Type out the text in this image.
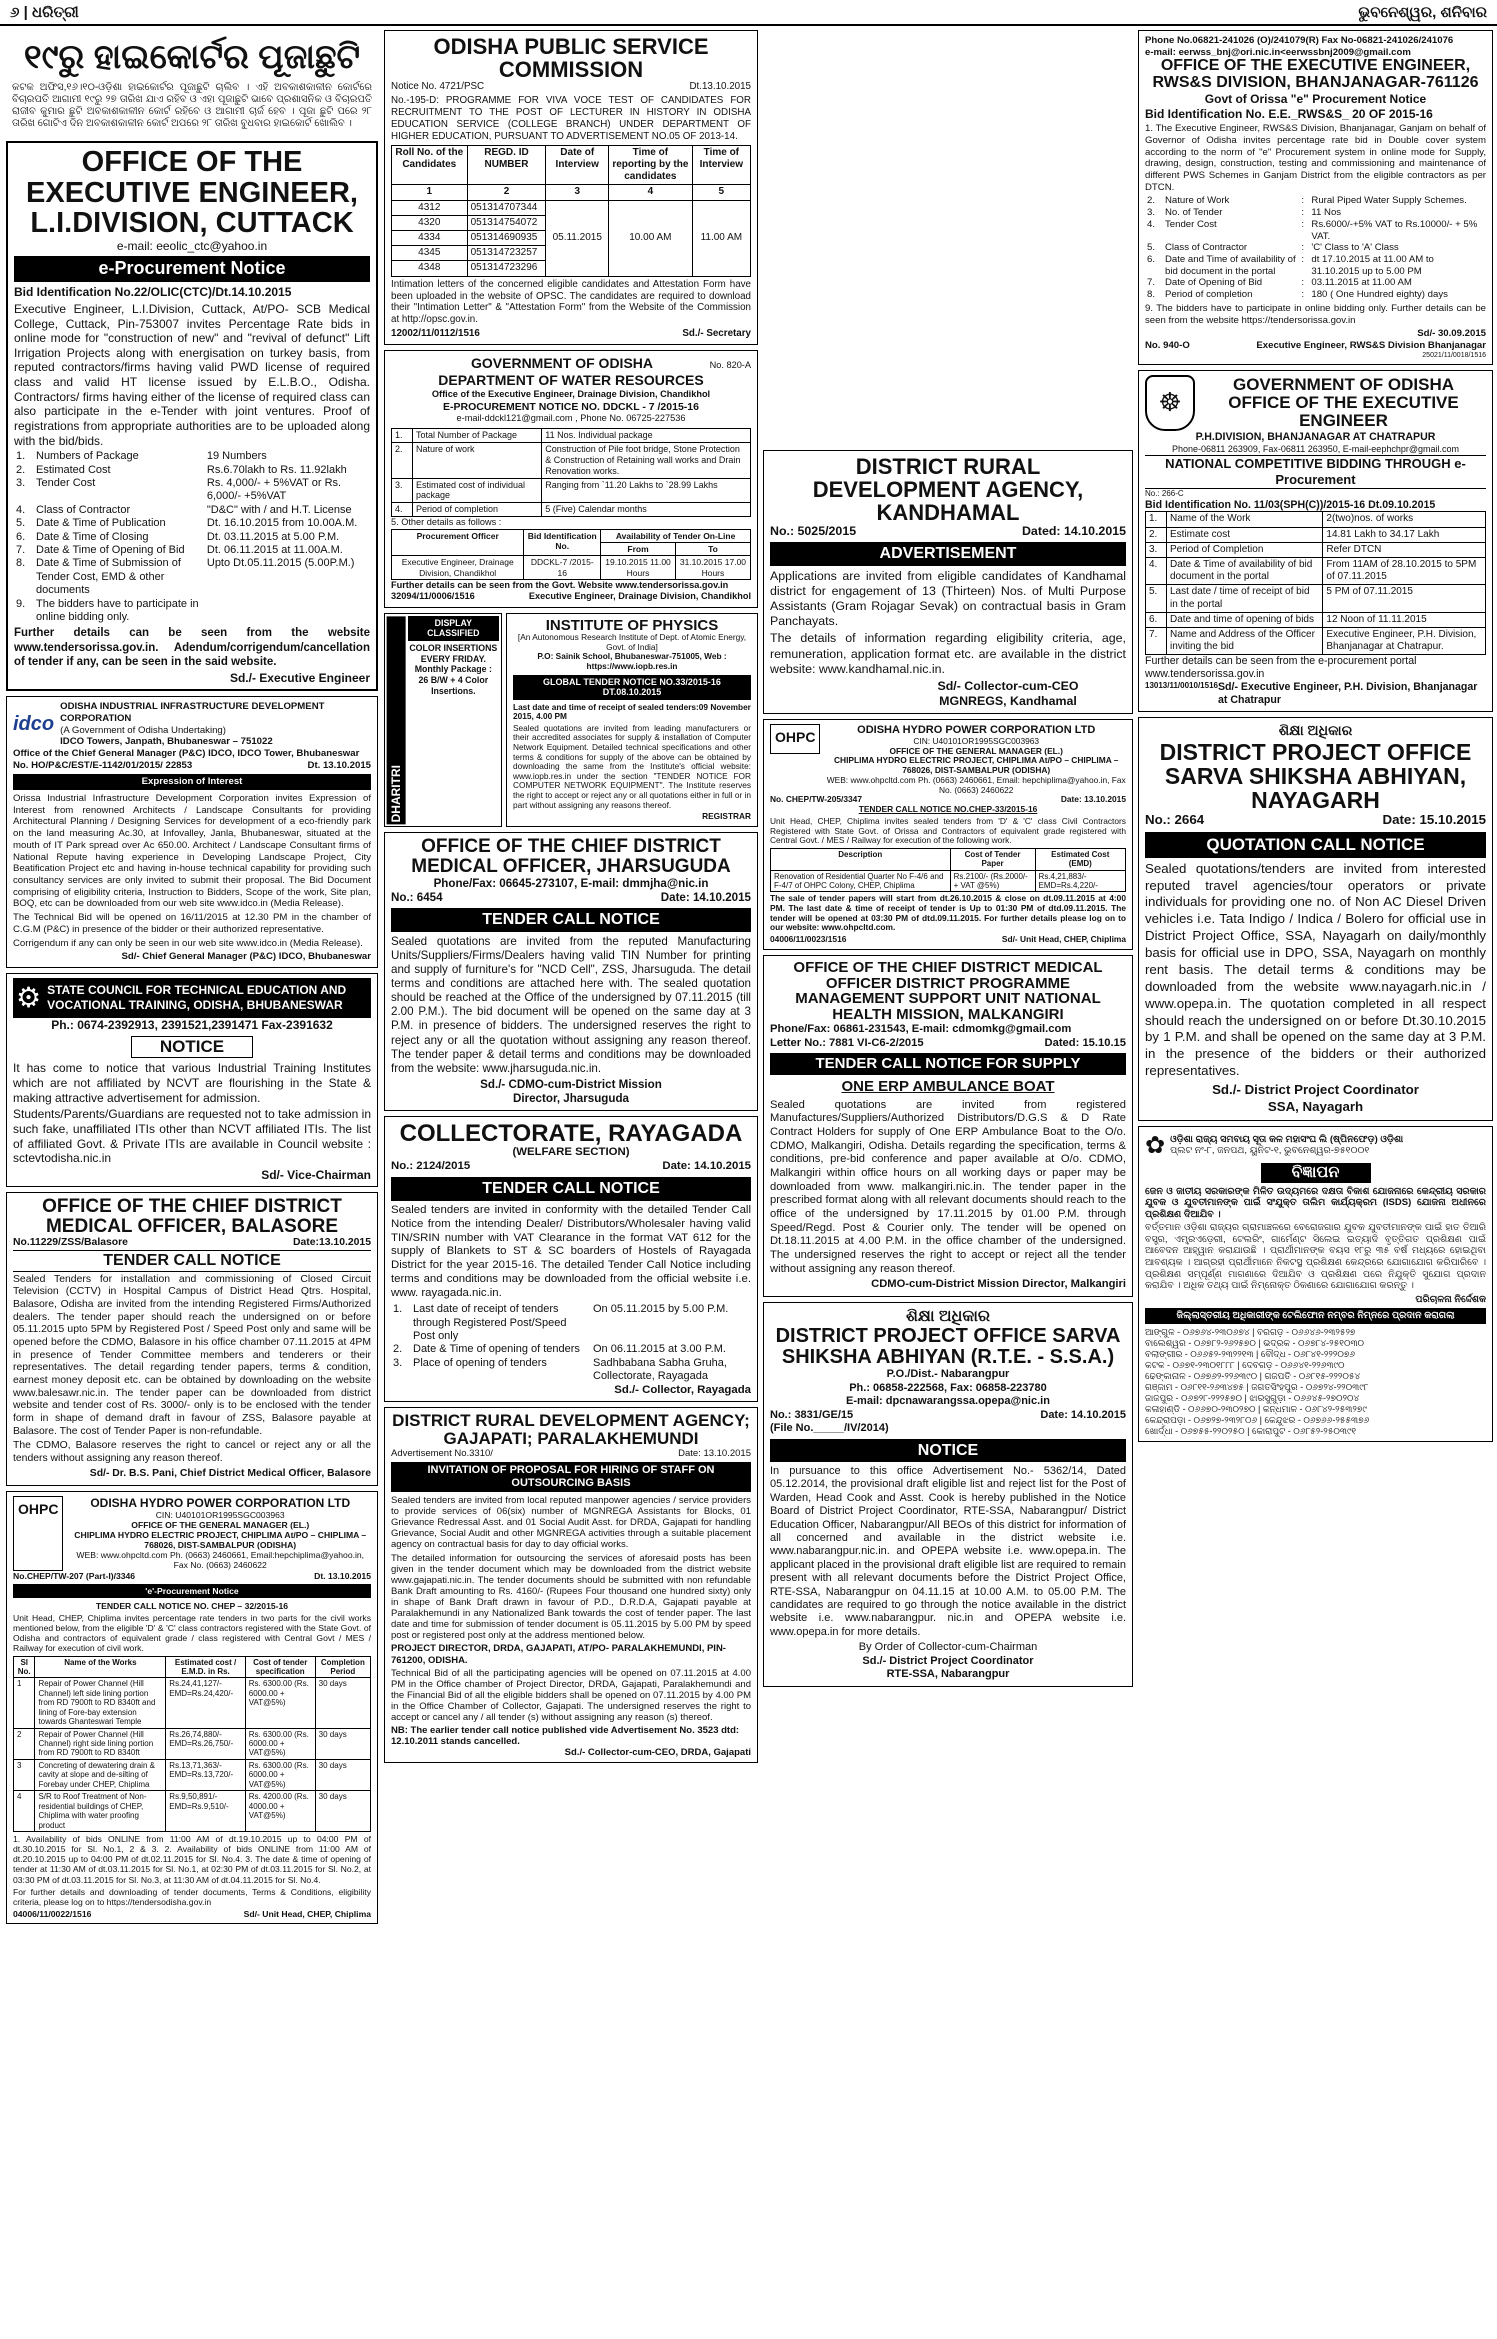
୬ | ଧରିତ୍ରୀ	ଭୁବନେଶ୍ୱର, ଶନିବାର
୧୯ରୁ ହାଇକୋର୍ଟର ପୂଜାଛୁଟି

କଟକ ଅଫିସ,୧୬।୧୦-ଓଡ଼ିଶା ହାଇକୋର୍ଟର ପୂଜାଛୁଟି ଚାଲିବ । ଏହି ଅବକାଶକାଳୀନ କୋର୍ଟରେ ବିଚାରପତି ଆଗାମୀ ୧୯ରୁ ୨୭ ତାରିଖ ଯାଏ ରହିବ ଓ ଏହା ପୂଜାଛୁଟି ଭାବେ ପ୍ରଶାସନିକ ଓ ବିଚାରପତି ରାଜୀବ କୁମାର ଛୁଟି ଅବକାଶକାଳୀନ କୋର୍ଟ ରହିବେ ଓ ଆଗାମୀ ଚାର୍ଜ ହେବ । ପୂଜା ଛୁଟି ପରେ ୨୮ ତାରିଖ ଗୋଟିଏ ଦିନ ଅବକାଶକାଳୀନ କୋର୍ଟ ଅପରେ ୨୮ ତାରିଖ ବୁଧବାର ହାଇକୋର୍ଟ ଖୋଲିବ ।

OFFICE OF THE EXECUTIVE ENGINEER, L.I.DIVISION, CUTTACK
e-mail: eeolic_ctc@yahoo.in
e-Procurement Notice
Bid Identification No.22/OLIC(CTC)/Dt.14.10.2015

Executive Engineer, L.I.Division, Cuttack, At/PO- SCB Medical College, Cuttack, Pin-753007 invites Percentage Rate bids in online mode for "construction of new" and "revival of defunct" Lift Irrigation Projects along with energisation on turkey basis, from reputed contractors/firms having valid PWD license of required class and valid HT license issued by E.L.B.O., Odisha. Contractors/ firms having either of the license of required class can also participate in the e-Tender with joint ventures. Proof of registrations from appropriate authorities are to be uploaded along with the bid/bids.

1.	Numbers of Package	19 Numbers
2.	Estimated Cost	Rs.6.70lakh to Rs. 11.92lakh
3.	Tender Cost	Rs. 4,000/- + 5%VAT or Rs. 6,000/- +5%VAT
4.	Class of Contractor	"D&C" with / and H.T. License
5.	Date & Time of Publication	Dt. 16.10.2015 from 10.00A.M.
6.	Date & Time of Closing	Dt. 03.11.2015 at 5.00 P.M.
7.	Date & Time of Opening of Bid	Dt. 06.11.2015 at 11.00A.M.
8.	Date & Time of Submission of Tender Cost, EMD & other documents	Upto Dt.05.11.2015 (5.00P.M.)
9.	The bidders have to participate in online bidding only.	

Further details can be seen from the website www.tendersorissa.gov.in. Adendum/corrigendum/cancellation of tender if any, can be seen in the said website.

Sd./- Executive Engineer
idco
ODISHA INDUSTRIAL INFRASTRUCTURE DEVELOPMENT CORPORATION
(A Government of Odisha Undertaking)
IDCO Towers, Janpath, Bhubaneswar – 751022
Office of the Chief General Manager (P&C) IDCO, IDCO Tower, Bhubaneswar
No. HO/P&C/EST/E-1142/01/2015/ 22853	Dt. 13.10.2015
Expression of Interest

Orissa Industrial Infrastructure Development Corporation invites Expression of Interest from renowned Architects / Landscape Consultants for providing Architectural Planning / Designing Services for development of a eco-friendly park on the land measuring Ac.30, at Infovalley, Janla, Bhubaneswar, situated at the mouth of IT Park spread over Ac 650.00. Architect / Landscape Consultant firms of National Repute having experience in Developing Landscape Project, City Beatification Project etc and having in-house technical capability for providing such consultancy services are only invited to submit their proposal. The Bid Document comprising of eligibility criteria, Instruction to Bidders, Scope of the work, Site plan, BOQ, etc can be downloaded from our web site www.idco.in (Media Release).

The Technical Bid will be opened on 16/11/2015 at 12.30 PM in the chamber of C.G.M (P&C) in presence of the bidder or their authorized representative.

Corrigendum if any can only be seen in our web site www.idco.in (Media Release).

Sd/- Chief General Manager (P&C) IDCO, Bhubaneswar
⚙ STATE COUNCIL FOR TECHNICAL EDUCATION AND VOCATIONAL TRAINING, ODISHA, BHUBANESWAR
Ph.: 0674-2392913, 2391521,2391471 Fax-2391632
NOTICE

It has come to notice that various Industrial Training Institutes which are not affiliated by NCVT are flourishing in the State & making attractive advertisement for admission.

Students/Parents/Guardians are requested not to take admission in such fake, unaffiliated ITIs other than NCVT affiliated ITIs. The list of affiliated Govt. & Private ITIs are available in Council website : sctevtodisha.nic.in

Sd/- Vice-Chairman
OFFICE OF THE CHIEF DISTRICT MEDICAL OFFICER, BALASORE
No.11229/ZSS/Balasore	Date:13.10.2015
TENDER CALL NOTICE

Sealed Tenders for installation and commissioning of Closed Circuit Television (CCTV) in Hospital Campus of District Head Qtrs. Hospital, Balasore, Odisha are invited from the intending Registered Firms/Authorized dealers. The tender paper should reach the undersigned on or before 05.11.2015 upto 5PM by Registered Post / Speed Post only and same will be opened before the CDMO, Balasore in his office chamber 07.11.2015 at 4PM in presence of Tender Committee members and tenderers or their representatives. The detail regarding tender papers, terms & condition, earnest money deposit etc. can be obtained by downloading on the website www.balesawr.nic.in. The tender paper can be downloaded from district website and tender cost of Rs. 3000/- only is to be enclosed with the tender form in shape of demand draft in favour of ZSS, Balasore payable at Balasore. The cost of Tender Paper is non-refundable.

The CDMO, Balasore reserves the right to cancel or reject any or all the tenders without assigning any reason thereof.

Sd/- Dr. B.S. Pani, Chief District Medical Officer, Balasore
OHPC	ODISHA HYDRO POWER CORPORATION LTD
CIN: U40101OR1995SGC003963
OFFICE OF THE GENERAL MANAGER (EL.)
CHIPLIMA HYDRO ELECTRIC PROJECT, CHIPLIMA At/PO – CHIPLIMA – 768026, DIST-SAMBALPUR (ODISHA)
WEB: www.ohpcltd.com Ph. (0663) 2460661, Email:hepchiplima@yahoo.in, Fax No. (0663) 2460622
No.CHEP/TW-207 (Part-I)/3346	Dt. 13.10.2015
'e'-Procurement Notice
TENDER CALL NOTICE NO. CHEP – 32/2015-16

Unit Head, CHEP, Chiplima invites percentage rate tenders in two parts for the civil works mentioned below, from the eligible 'D' & 'C' class contractors registered with the State Govt. of Odisha and contractors of equivalent grade / class registered with Central Govt / MES / Railway for execution of civil work.

Sl No.	Name of the Works	Estimated cost / E.M.D. in Rs.	Cost of tender specification	Completion Period
1	Repair of Power Channel (Hill Channel) left side lining portion from RD 7900ft to RD 8340ft and lining of Fore-bay extension towards Ghanteswari Temple	Rs.24,41,127/- EMD=Rs.24,420/-	Rs. 6300.00 (Rs. 6000.00 + VAT@5%)	30 days
2	Repair of Power Channel (Hill Channel) right side lining portion from RD 7900ft to RD 8340ft	Rs.26,74,880/- EMD=Rs.26,750/-	Rs. 6300.00 (Rs. 6000.00 + VAT@5%)	30 days
3	Concreting of dewatering drain & cavity at slope and de-silting of Forebay under CHEP, Chiplima	Rs.13,71,363/- EMD=Rs.13,720/-	Rs. 6300.00 (Rs. 6000.00 + VAT@5%)	30 days
4	S/R to Roof Treatment of Non-residential buildings of CHEP, Chiplima with water proofing product	Rs.9,50,891/- EMD=Rs.9,510/-	Rs. 4200.00 (Rs. 4000.00 + VAT@5%)	30 days

1. Availability of bids ONLINE from 11:00 AM of dt.19.10.2015 up to 04:00 PM of dt.30.10.2015 for Sl. No.1, 2 & 3. 2. Availability of bids ONLINE from 11:00 AM of dt.20.10.2015 up to 04:00 PM of dt.02.11.2015 for Sl. No.4. 3. The date & time of opening of tender at 11:30 AM of dt.03.11.2015 for Sl. No.1, at 02:30 PM of dt.03.11.2015 for Sl. No.2, at 03:30 PM of dt.03.11.2015 for Sl. No.3, at 11:30 AM of dt.04.11.2015 for Sl. No.4.

For further details and downloading of tender documents, Terms & Conditions, eligibility criteria, please log on to https://tendersodisha.gov.in

04006/11/0022/1516	Sd/- Unit Head, CHEP, Chiplima
ODISHA PUBLIC SERVICE COMMISSION
Notice No. 4721/PSC	Dt.13.10.2015

No.-195-D: PROGRAMME FOR VIVA VOCE TEST OF CANDIDATES FOR RECRUITMENT TO THE POST OF LECTURER IN HISTORY IN ODISHA EDUCATION SERVICE (COLLEGE BRANCH) UNDER DEPARTMENT OF HIGHER EDUCATION, PURSUANT TO ADVERTISEMENT NO.05 OF 2013-14.

Roll No. of the Candidates	REGD. ID NUMBER	Date of Interview	Time of reporting by the candidates	Time of Interview
1	2	3	4	5
4312	051314707344	05.11.2015	10.00 AM	11.00 AM
4320	051314754072			
4334	051314690935			
4345	051314723257			
4348	051314723296			

Intimation letters of the concerned eligible candidates and Attestation Form have been uploaded in the website of OPSC. The candidates are required to download their "Intimation Letter" & "Attestation Form" from the Website of the Commission at http://opsc.gov.in.

12002/11/0112/1516	Sd./- Secretary
GOVERNMENT OF ODISHA	No. 820-A
DEPARTMENT OF WATER RESOURCES
Office of the Executive Engineer, Drainage Division, Chandikhol
E-PROCUREMENT NOTICE NO. DDCKL - 7 /2015-16
e-mail-ddckl121@gmail.com , Phone No. 06725-227536
1.	Total Number of Package	11 Nos. Individual package
2.	Nature of work	Construction of Pile foot bridge, Stone Protection & Construction of Retaining wall works and Drain Renovation works.
3.	Estimated cost of individual package	Ranging from `11.20 Lakhs to `28.99 Lakhs
4.	Period of completion	5 (Five) Calendar months
5. Other details as follows :
Procurement Officer	Bid Identification No.	Availability of Tender On-Line	
		From	To
Executive Engineer, Drainage Division, Chandikhol	DDCKL-7 /2015-16	19.10.2015 11.00 Hours	31.10.2015 17.00 Hours
Further details can be seen from the Govt. Website www.tendersorissa.gov.in
32094/11/0006/1516	Executive Engineer, Drainage Division, Chandikhol
DHARITRI
DISPLAY CLASSIFIED
COLOR INSERTIONS
EVERY FRIDAY.
Monthly Package :
26 B/W + 4 Color Insertions.
INSTITUTE OF PHYSICS
[An Autonomous Research Institute of Dept. of Atomic Energy, Govt. of India]
P.O: Sainik School, Bhubaneswar-751005, Web : https://www.iopb.res.in
GLOBAL TENDER NOTICE NO.33/2015-16 DT.08.10.2015
Last date and time of receipt of sealed tenders:09 November 2015, 4.00 PM

Sealed quotations are invited from leading manufacturers or their accredited associates for supply & installation of Computer Network Equipment. Detailed technical specifications and other terms & conditions for supply of the above can be obtained by downloading the same from the Institute's official website: www.iopb.res.in under the section "TENDER NOTICE FOR COMPUTER NETWORK EQUIPMENT". The Institute reserves the right to accept or reject any or all quotations either in full or in part without assigning any reasons thereof.

REGISTRAR
OFFICE OF THE CHIEF DISTRICT MEDICAL OFFICER, JHARSUGUDA
Phone/Fax: 06645-273107, E-mail: dmmjha@nic.in
No.: 6454	Date: 14.10.2015
TENDER CALL NOTICE

Sealed quotations are invited from the reputed Manufacturing Units/Suppliers/Firms/Dealers having valid TIN Number for printing and supply of furniture's for "NCD Cell", ZSS, Jharsuguda. The detail terms and conditions are attached here with. The sealed quotation should be reached at the Office of the undersigned by 07.11.2015 (till 2.00 P.M.). The bid document will be opened on the same day at 3 P.M. in presence of bidders. The undersigned reserves the right to reject any or all the quotation without assigning any reason thereof. The tender paper & detail terms and conditions may be downloaded from the website: www.jharsuguda.nic.in.

Sd./- CDMO-cum-District Mission
Director, Jharsuguda
COLLECTORATE, RAYAGADA
(WELFARE SECTION)
No.: 2124/2015	Date: 14.10.2015
TENDER CALL NOTICE

Sealed tenders are invited in conformity with the detailed Tender Call Notice from the intending Dealer/ Distributors/Wholesaler having valid TIN/SRIN number with VAT Clearance in the format VAT 612 for the supply of Blankets to ST & SC boarders of Hostels of Rayagada District for the year 2015-16. The detailed Tender Call Notice including terms and conditions may be downloaded from the official website i.e. www. rayagada.nic.in.

1.	Last date of receipt of tenders through Registered Post/Speed Post only	On 05.11.2015 by 5.00 P.M.
2.	Date & Time of opening of tenders	On 06.11.2015 at 3.00 P.M.
3.	Place of opening of tenders	Sadhbabana Sabha Gruha, Collectorate, Rayagada
Sd./- Collector, Rayagada
DISTRICT RURAL DEVELOPMENT AGENCY; GAJAPATI; PARALAKHEMUNDI
Advertisement No.3310/	Date: 13.10.2015
INVITATION OF PROPOSAL FOR HIRING OF STAFF ON OUTSOURCING BASIS

Sealed tenders are invited from local reputed manpower agencies / service providers to provide services of 06(six) number of MGNREGA Assistants for Blocks, 01 Grievance Redressal Asst. and 01 Social Audit Asst. for DRDA, Gajapati for handling Grievance, Social Audit and other MGNREGA activities through a suitable placement agency on contractual basis for day to day official works.

The detailed information for outsourcing the services of aforesaid posts has been given in the tender document which may be downloaded from the district website www.gajapati.nic.in. The tender documents should be submitted with non refundable Bank Draft amounting to Rs. 4160/- (Rupees Four thousand one hundred sixty) only in shape of Bank Draft drawn in favour of P.D., D.R.D.A, Gajapati payable at Paralakhemundi in any Nationalized Bank towards the cost of tender paper. The last date and time for submission of tender document is 05.11.2015 by 5.00 PM by speed post or registered post only at the address mentioned below.

PROJECT DIRECTOR, DRDA, GAJAPATI, AT/PO- PARALAKHEMUNDI, PIN- 761200, ODISHA.

Technical Bid of all the participating agencies will be opened on 07.11.2015 at 4.00 PM in the Office chamber of Project Director, DRDA, Gajapati, Paralakhemundi and the Financial Bid of all the eligible bidders shall be opened on 07.11.2015 by 4.00 PM in the Office Chamber of Collector, Gajapati. The undersigned reserves the right to accept or cancel any / all tender (s) without assigning any reason (s) thereof.

NB: The earlier tender call notice published vide Advertisement No. 3523 dtd: 12.10.2011 stands cancelled.
Sd./- Collector-cum-CEO, DRDA, Gajapati
DISTRICT RURAL DEVELOPMENT AGENCY, KANDHAMAL
No.: 5025/2015	Dated: 14.10.2015
ADVERTISEMENT

Applications are invited from eligible candidates of Kandhamal district for engagement of 13 (Thirteen) Nos. of Multi Purpose Assistants (Gram Rojagar Sevak) on contractual basis in Gram Panchayats.

The details of information regarding eligibility criteria, age, remuneration, application format etc. are available in the district website: www.kandhamal.nic.in.

Sd/- Collector-cum-CEO
MGNREGS, Kandhamal
OHPC	ODISHA HYDRO POWER CORPORATION LTD
CIN: U40101OR1995SGC003963
OFFICE OF THE GENERAL MANAGER (EL.)
CHIPLIMA HYDRO ELECTRIC PROJECT, CHIPLIMA At/PO – CHIPLIMA – 768026, DIST-SAMBALPUR (ODISHA)
WEB: www.ohpcltd.com Ph. (0663) 2460661, Email: hepchiplima@yahoo.in, Fax No. (0663) 2460622
No. CHEP/TW-205/3347	Date: 13.10.2015
TENDER CALL NOTICE NO.CHEP-33/2015-16

Unit Head, CHEP, Chiplima invites sealed tenders from 'D' & 'C' class Civil Contractors Registered with State Govt. of Orissa and Contractors of equivalent grade registered with Central Govt. / MES / Railway for execution of the following work.

Description	Cost of Tender Paper	Estimated Cost (EMD)
Renovation of Residential Quarter No F-4/6 and F-4/7 of OHPC Colony, CHEP, Chiplima	Rs.2100/- (Rs.2000/- + VAT @5%)	Rs.4,21,883/- EMD=Rs.4,220/-

The sale of tender papers will start from dt.26.10.2015 & close on dt.09.11.2015 at 4:00 PM. The last date & time of receipt of tender is Up to 01:30 PM of dtd.09.11.2015. The tender will be opened at 03:30 PM of dtd.09.11.2015. For further details please log on to our website: www.ohpcltd.com.

04006/11/0023/1516	Sd/- Unit Head, CHEP, Chiplima
OFFICE OF THE CHIEF DISTRICT MEDICAL OFFICER DISTRICT PROGRAMME MANAGEMENT SUPPORT UNIT NATIONAL HEALTH MISSION, MALKANGIRI
Phone/Fax: 06861-231543, E-mail: cdmomkg@gmail.com
Letter No.: 7881 VI-C6-2/2015	Dated: 15.10.15
TENDER CALL NOTICE FOR SUPPLY
ONE ERP AMBULANCE BOAT

Sealed quotations are invited from registered Manufactures/Suppliers/Authorized Distributors/D.G.S & D Rate Contract Holders for supply of One ERP Ambulance Boat to the O/o. CDMO, Malkangiri, Odisha. Details regarding the specification, terms & conditions, pre-bid conference and paper available at O/o. CDMO, Malkangiri within office hours on all working days or paper may be downloaded from www. malkangiri.nic.in. The tender paper in the prescribed format along with all relevant documents should reach to the office of the undersigned by 17.11.2015 by 01.00 P.M. through Speed/Regd. Post & Courier only. The tender will be opened on Dt.18.11.2015 at 4.00 P.M. in the office chamber of the undersigned. The undersigned reserves the right to accept or reject all the tender without assigning any reason thereof.

CDMO-cum-District Mission Director, Malkangiri
ଶିକ୍ଷା ଅଧିକାର
DISTRICT PROJECT OFFICE SARVA SHIKSHA ABHIYAN (R.T.E. - S.S.A.)
P.O./Dist.- Nabarangpur
Ph.: 06858-222568, Fax: 06858-223780
E-mail: dpcnawarangssa.opepa@nic.in
No.: 3831/GE/15	Date: 14.10.2015
(File No._____/IV/2014)
NOTICE

In pursuance to this office Advertisement No.- 5362/14, Dated 05.12.2014, the provisional draft eligible list and reject list for the Post of Warden, Head Cook and Asst. Cook is hereby published in the Notice Board of District Project Coordinator, RTE-SSA, Nabarangpur/ District Education Officer, Nabarangpur/All BEOs of this district for information of all concerned and available in the district website i.e. www.nabarangpur.nic.in. and OPEPA website i.e. www.opepa.in. The applicant placed in the provisional draft eligible list are required to remain present with all relevant documents before the District Project Office, RTE-SSA, Nabarangpur on 04.11.15 at 10.00 A.M. to 05.00 P.M. The candidates are required to go through the notice available in the district website i.e. www.nabarangpur. nic.in and OPEPA website i.e. www.opepa.in for more details.

By Order of Collector-cum-Chairman
Sd./- District Project Coordinator
RTE-SSA, Nabarangpur
Phone No.06821-241026 (O)/241079(R) Fax No-06821-241026/241076
e-mail: eerwss_bnj@ori.nic.in<eerwssbnj2009@gmail.com
OFFICE OF THE EXECUTIVE ENGINEER, RWS&S DIVISION, BHANJANAGAR-761126
Govt of Orissa "e" Procurement Notice
Bid Identification No. E.E._RWS&S_ 20 OF 2015-16

1. The Executive Engineer, RWS&S Division, Bhanjanagar, Ganjam on behalf of Governor of Odisha invites percentage rate bid in Double cover system according to the norm of "e" Procurement system in online mode for Supply, drawing, design, construction, testing and commissioning and maintenance of different PWS Schemes in Ganjam District from the eligible contractors as per DTCN.

2.	Nature of Work	:	Rural Piped Water Supply Schemes.
3.	No. of Tender	:	11 Nos
4.	Tender Cost	:	Rs.6000/-+5% VAT to Rs.10000/- + 5% VAT.
5.	Class of Contractor	:	'C' Class to 'A' Class
6.	Date and Time of availability of bid document in the portal	:	dt 17.10.2015 at 11.00 AM to 31.10.2015 up to 5.00 PM
7.	Date of Opening of Bid	:	03.11.2015 at 11.00 AM
8.	Period of completion	:	180 ( One Hundred eighty) days

9. The bidders have to participate in online bidding only. Further details can be seen from the website https://tendersorissa.gov.in

Sd/- 30.09.2015
No. 940-O	Executive Engineer, RWS&S Division Bhanjanagar
25021/11/0018/1516
☸
GOVERNMENT OF ODISHA OFFICE OF THE EXECUTIVE ENGINEER
P.H.DIVISION, BHANJANAGAR AT CHATRAPUR
Phone-06811 263909, Fax-06811 263950, E-mail-eephchpr@gmail.com
NATIONAL COMPETITIVE BIDDING THROUGH e-Procurement
No.: 266-C
Bid Identification No. 11/03(SPH(C))/2015-16 Dt.09.10.2015
1.	Name of the Work	2(two)nos. of works
2.	Estimate cost	14.81 Lakh to 34.17 Lakh
3.	Period of Completion	Refer DTCN
4.	Date & Time of availability of bid document in the portal	From 11AM of 28.10.2015 to 5PM of 07.11.2015
5.	Last date / time of receipt of bid in the portal	5 PM of 07.11.2015
6.	Date and time of opening of bids	12 Noon of 11.11.2015
7.	Name and Address of the Officer inviting the bid	Executive Engineer, P.H. Division, Bhanjanagar at Chatrapur.
Further details can be seen from the e-procurement portal www.tendersorissa.gov.in
13013/11/0010/1516 Sd/- Executive Engineer, P.H. Division, Bhanjanagar at Chatrapur
ଶିକ୍ଷା ଅଧିକାର
DISTRICT PROJECT OFFICE SARVA SHIKSHA ABHIYAN, NAYAGARH
No.: 2664	Date: 15.10.2015
QUOTATION CALL NOTICE

Sealed quotations/tenders are invited from interested reputed travel agencies/tour operators or private individuals for providing one no. of Non AC Diesel Driven vehicles i.e. Tata Indigo / Indica / Bolero for official use in District Project Office, SSA, Nayagarh on daily/monthly basis for official use in DPO, SSA, Nayagarh on monthly rent basis. The detail terms & conditions may be downloaded from the website www.nayagarh.nic.in / www.opepa.in. The quotation completed in all respect should reach the undersigned on or before Dt.30.10.2015 by 1 P.M. and shall be opened on the same day at 3 P.M. in the presence of the bidders or their authorized representatives.

Sd./- District Project Coordinator
SSA, Nayagarh
✿ ଓଡ଼ିଶା ରାଜ୍ୟ ସମବାୟ ସୂତା କଳ ମହାସଂଘ ଲି (ଷ୍ପିନଫେଡ଼) ଓଡ଼ିଶା
ପ୍ଲଟ ନଂ-୮, ଜନପଥ, ୟୁନିଟ-୧, ଭୁବନେଶ୍ୱର-୭୫୧୦୦୧
ବିଜ୍ଞାପନ

ଜେନ ଓ ଜାତୀୟ ସରକାରଙ୍କ ମିଳିତ ଉଦ୍ୟମରେ ଦକ୍ଷତା ବିକାଶ ଯୋଜନାରେ କେନ୍ଦ୍ରୀୟ ସରକାର ଯୁବକ ଓ ଯୁବତୀମାନଙ୍କ ପାଇଁ ସଂଯୁକ୍ତ ତାଲିମ କାର୍ଯ୍ୟକ୍ରମ (ISDS) ଯୋଜନା ଅଧୀନରେ ପ୍ରଶିକ୍ଷଣ ଦିଆଯିବ ।

ବର୍ତ୍ତମାନ ଓଡ଼ିଶା ରାଜ୍ୟର ଗ୍ରାମାଞ୍ଚଳରେ ବେରୋଜଗାର ଯୁବକ ଯୁବତୀମାନଙ୍କ ପାଇଁ ହାତ ତିଆରି ବସ୍ତ୍ର, ଏମ୍ବ୍ରଏଡ଼େରୀ, ଟେଲରିଂ, ଗାର୍ମେଣ୍ଟ ସିଲେଇ ଇତ୍ୟାଦି ବୃତ୍ତିଗତ ପ୍ରଶିକ୍ଷଣ ପାଇଁ ଆବେଦନ ଆହ୍ୱାନ କରାଯାଉଛି । ପ୍ରାର୍ଥୀମାନଙ୍କ ବୟସ ୧୮ରୁ ୩୫ ବର୍ଷ ମଧ୍ୟରେ ହୋଇଥିବା ଆବଶ୍ୟକ । ଆଗ୍ରହୀ ପ୍ରାର୍ଥୀମାନେ ନିକଟସ୍ଥ ପ୍ରଶିକ୍ଷଣ କେନ୍ଦ୍ରରେ ଯୋଗାଯୋଗ କରିପାରିବେ । ପ୍ରଶିକ୍ଷଣ ସମ୍ପୂର୍ଣ୍ଣ ମାଗଣାରେ ଦିଆଯିବ ଓ ପ୍ରଶିକ୍ଷଣ ପରେ ନିଯୁକ୍ତି ସୁଯୋଗ ପ୍ରଦାନ କରାଯିବ । ଅଧିକ ତଥ୍ୟ ପାଇଁ ନିମ୍ନୋକ୍ତ ଠିକଣାରେ ଯୋଗାଯୋଗ କରନ୍ତୁ ।

ପରିଚାଳନା ନିର୍ଦ୍ଦେଶକ
ଜିଲ୍ଲାସ୍ତରୀୟ ଅଧିକାରୀଙ୍କ ଟେଲିଫୋନ ନମ୍ବର ନିମ୍ନରେ ପ୍ରଦାନ କରାଗଲା
ଆଙ୍ଗୁଳ - ୦୬୭୬୪-୨୩୦୬୭୪ | ବରଗଡ଼ - ୦୬୬୪୬-୨୩୨୫୨୭
ବାଲେଶ୍ୱର - ୦୬୭୮୨-୨୬୨୫୭୦ | ଭଦ୍ରକ - ୦୬୭୮୪-୨୫୧୦୩୦
ବଲାଙ୍ଗୀର - ୦୬୬୫୨-୨୩୨୨୧୩ | ବୌଦ୍ଧ - ୦୬୮୪୧-୨୨୨୦୭୬
କଟକ - ୦୬୭୧-୨୩୦୧୮୮୮ | ଦେବଗଡ଼ - ୦୬୬୪୧-୨୨୬୩୯୦
ଢେଙ୍କାନାଳ - ୦୬୭୬୨-୨୨୬୩୯୦ | ଗଜପତି - ୦୬୮୧୫-୨୨୨୦୫୪
ଗଞ୍ଜାମ - ୦୬୮୧୧-୨୬୩୪୭୫ | ଜଗତସିଂହପୁର - ୦୬୭୨୪-୨୨୦୩୯୮
ଜାଜପୁର - ୦୬୭୨୮-୨୨୨୫୭୦ | ଝାରସୁଗୁଡ଼ା - ୦୬୬୪୫-୨୭୦୨୦୪
କଳାହାଣ୍ଡି - ୦୬୬୭୦-୨୩୦୨୭୦ | କନ୍ଧମାଳ - ୦୬୮୪୨-୨୫୩୨୭୯
କେନ୍ଦ୍ରାପଡ଼ା - ୦୬୭୨୭-୨୩୨୮୦୬ | କେନ୍ଦୁଝର - ୦୬୭୬୬-୨୫୫୩୭୬
ଖୋର୍ଦ୍ଧା - ୦୬୭୫୫-୨୨୦୨୫୦ | କୋରାପୁଟ - ୦୬୮୫୨-୨୫୦୩୯୧
